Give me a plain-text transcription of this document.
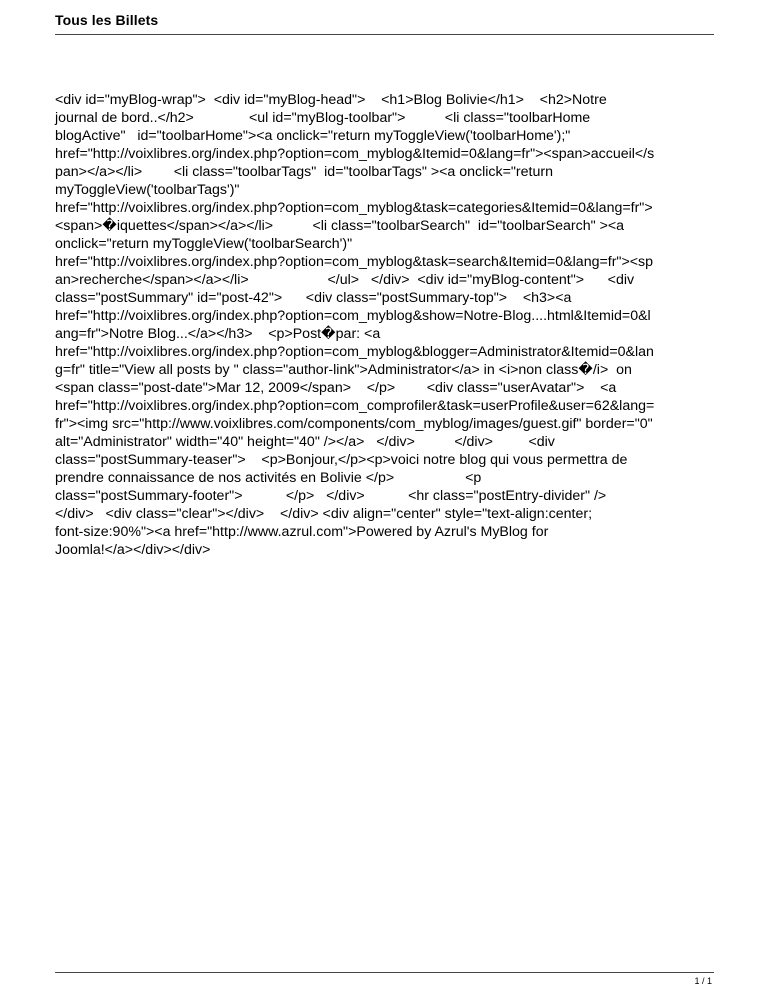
Tous les Billets
<div id="myBlog-wrap">  <div id="myBlog-head">    <h1>Blog Bolivie</h1>    <h2>Notre
journal de bord..</h2>              <ul id="myBlog-toolbar">          <li class="toolbarHome
blogActive"   id="toolbarHome"><a onclick="return myToggleView('toolbarHome');"
href="http://voixlibres.org/index.php?option=com_myblog&Itemid=0&lang=fr"><span>accueil</s
pan></a></li>        <li class="toolbarTags"  id="toolbarTags" ><a onclick="return
myToggleView('toolbarTags')"
href="http://voixlibres.org/index.php?option=com_myblog&task=categories&Itemid=0&lang=fr">
<span>�iquettes</span></a></li>          <li class="toolbarSearch"  id="toolbarSearch" ><a
onclick="return myToggleView('toolbarSearch')"
href="http://voixlibres.org/index.php?option=com_myblog&task=search&Itemid=0&lang=fr"><sp
an>recherche</span></a></li>                    </ul>   </div>  <div id="myBlog-content">      <div
class="postSummary" id="post-42">      <div class="postSummary-top">    <h3><a
href="http://voixlibres.org/index.php?option=com_myblog&show=Notre-Blog....html&Itemid=0&l
ang=fr">Notre Blog...</a></h3>    <p>Post�par: <a
href="http://voixlibres.org/index.php?option=com_myblog&blogger=Administrator&Itemid=0&lan
g=fr" title="View all posts by " class="author-link">Administrator</a> in <i>non class�/i>  on
<span class="post-date">Mar 12, 2009</span>    </p>        <div class="userAvatar">    <a
href="http://voixlibres.org/index.php?option=com_comprofiler&task=userProfile&user=62&lang=
fr"><img src="http://www.voixlibres.com/components/com_myblog/images/guest.gif" border="0"
alt="Administrator" width="40" height="40" /></a>   </div>          </div>         <div
class="postSummary-teaser">    <p>Bonjour,</p><p>voici notre blog qui vous permettra de
prendre connaissance de nos activités en Bolivie </p>                  <p
class="postSummary-footer">           </p>   </div>           <hr class="postEntry-divider" />
</div>   <div class="clear"></div>    </div> <div align="center" style="text-align:center;
font-size:90%"><a href="http://www.azrul.com">Powered by Azrul's MyBlog for
Joomla!</a></div></div>
1 / 1
